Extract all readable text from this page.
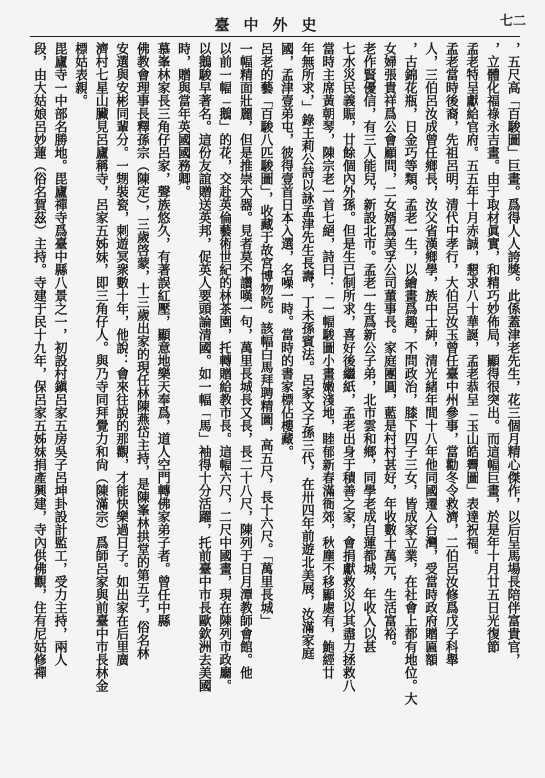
七二
臺中外史
，五尺高「百駿圖」巨畫。爲得人人誇獎。此係蓋津老先生，花三個月精心傑作，以后呈馬場長陪伴富貴官，
，立體化福祿永吉畫。由于取材眞實，和精巧妙佈局，顯得很突出。而這幅巨畫，於是年十月廿五日光復節
孟老特呈獻給官府。五五年十月赤誠，懇求八十華誕，孟老恭呈「玉山皓霽圖」表達祝福。
孟老當時後裔，先祖呂明，清代中孝行，大伯呂汝玉曾任臺中州參事，當勸冬令救濟，二伯呂汝修爲戊子科舉
人，三伯呂汝成曾任鄉長，汝父省漢鄉學，族中士紳，清光緒年間十八年他同國遷入台灣，受當時政府贈匾額
，古錦花瓶，日金巧等類。孟老一生，以繪畫爲趣，不問政治，膝下四子三女，皆成家立業，在社會上都有地位。大
女婦張貴祥爲公會顧問，二女婿爲美孚公司董事長。家庭團圓，藍是村村甚好，年收數十萬元，生活富裕。
老作賢優信，有三人能兒，新設北市。孟老一生爲新公子弟，北市雲和鄉，同學老成自蓮都城，年收入以甚
七水災民義賑，廿餘個內外孫。但是生已制所求，喜好後繼紙，孟老出身于積善之家，會捐獻救災以其盡力拯救八
當時主席黃朝琴，陳宗老一首七絕，詩曰：「一幅駿圖小畫嫩淺地，睦郁新春滿衙郊，秋塵不移顯處有，鮑經廿
年無所求，」錄王莉公詩以詠孟津先生長壽，丁未孫賓法。呂家文子孫三代，在卅四年前遊北美展，汝滿家庭
國，孟津壹弟屯，彼得壹首日本入選，名噪一時。當時的書家標佔樓藏。
呂老的藝「百駿八匹駿圖」，收藏于故宮博物院。該幅白馬拜聘精圖，高五尺，長十六尺。「萬里長城」
一幅精面壯麗，但是推崇大器。見者莫不讚嘆一句，萬里長城長又長，長二十八尺，陳列于日月潭教師會館。他
以前一幅「鵝」的花，交赴英倫藝術世紀的林茶園，托轉贈給教市長。這幅六尺，二尺中國畫，現在陳列市政廳。
以鵝駿早著名。這份友誼贈送英邦，促英人要頭論清國。如一幅「馬」袖得十分活躍，托前臺中市長歐欽洲去美國
時，贈與當年英國國務卿。
慕峯林家長三角仔呂家，聲族悠久，有著誤紅壓，顯意地樂天奉爲，道人空門轉佛家弟子者。曾任中縣
佛教會理事長釋孫宗（陳定），三歲啓蒙，十三歲出家的現任林陳燕岱主持，是陳峯林拱堂的第五子，俗名林
安選與安彬同輩分。一甥裝瓷，刺遊冥衆數十年，他說：會來往說的那觀，才能快樂過日子。如出家在后里廣
濟村七星山臟見呂廬稱寺，呂家五姊妹，即三角仔人。與乃寺同拜覺力和尙（陳滿宗）爲師呂家與前臺中市長林金
標姑表親。
毘廬寺一中部名勝地。毘廬禪寺爲臺中縣八景之一，初設村鎭呂家五房吳子呂坤卦設計監工，受力主持，兩人
段，由大姑娘呂妙蓮（俗名賀茲）主持。寺建于民十九年，保呂家五姊妹捐產興建，寺內供佛觀，住有尼姑修禪
